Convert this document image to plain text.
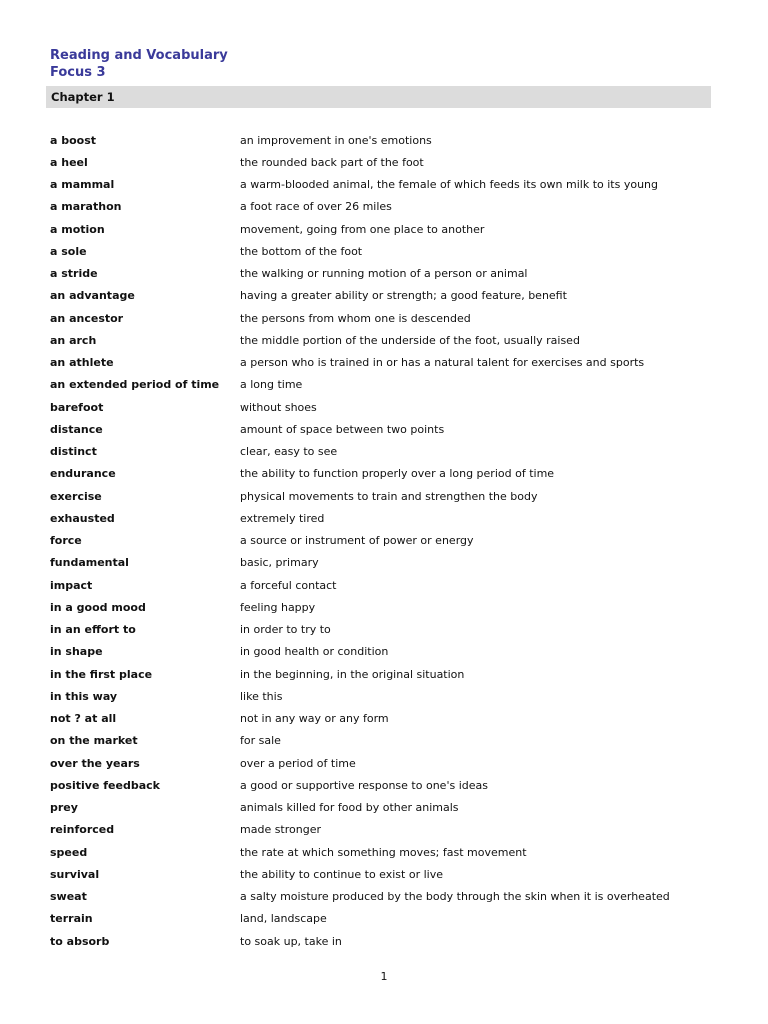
Reading and Vocabulary
Focus 3
Chapter 1
a boost	an improvement in one's emotions
a heel	the rounded back part of the foot
a mammal	a warm-blooded animal, the female of which feeds its own milk to its young
a marathon	a foot race of over 26 miles
a motion	movement, going from one place to another
a sole	the bottom of the foot
a stride	the walking or running motion of a person or animal
an advantage	having a greater ability or strength; a good feature, benefit
an ancestor	the persons from whom one is descended
an arch	the middle portion of the underside of the foot, usually raised
an athlete	a person who is trained in or has a natural talent for exercises and sports
an extended period of time	a long time
barefoot	without shoes
distance	amount of space between two points
distinct	clear, easy to see
endurance	the ability to function properly over a long period of time
exercise	physical movements to train and strengthen the body
exhausted	extremely tired
force	a source or instrument of power or energy
fundamental	basic, primary
impact	a forceful contact
in a good mood	feeling happy
in an effort to	in order to try to
in shape	in good health or condition
in the first place	in the beginning, in the original situation
in this way	like this
not ? at all	not in any way or any form
on the market	for sale
over the years	over a period of time
positive feedback	a good or supportive response to one's ideas
prey	animals killed for food by other animals
reinforced	made stronger
speed	the rate at which something moves; fast movement
survival	the ability to continue to exist or live
sweat	a salty moisture produced by the body through the skin when it is overheated
terrain	land, landscape
to absorb	to soak up, take in
1
